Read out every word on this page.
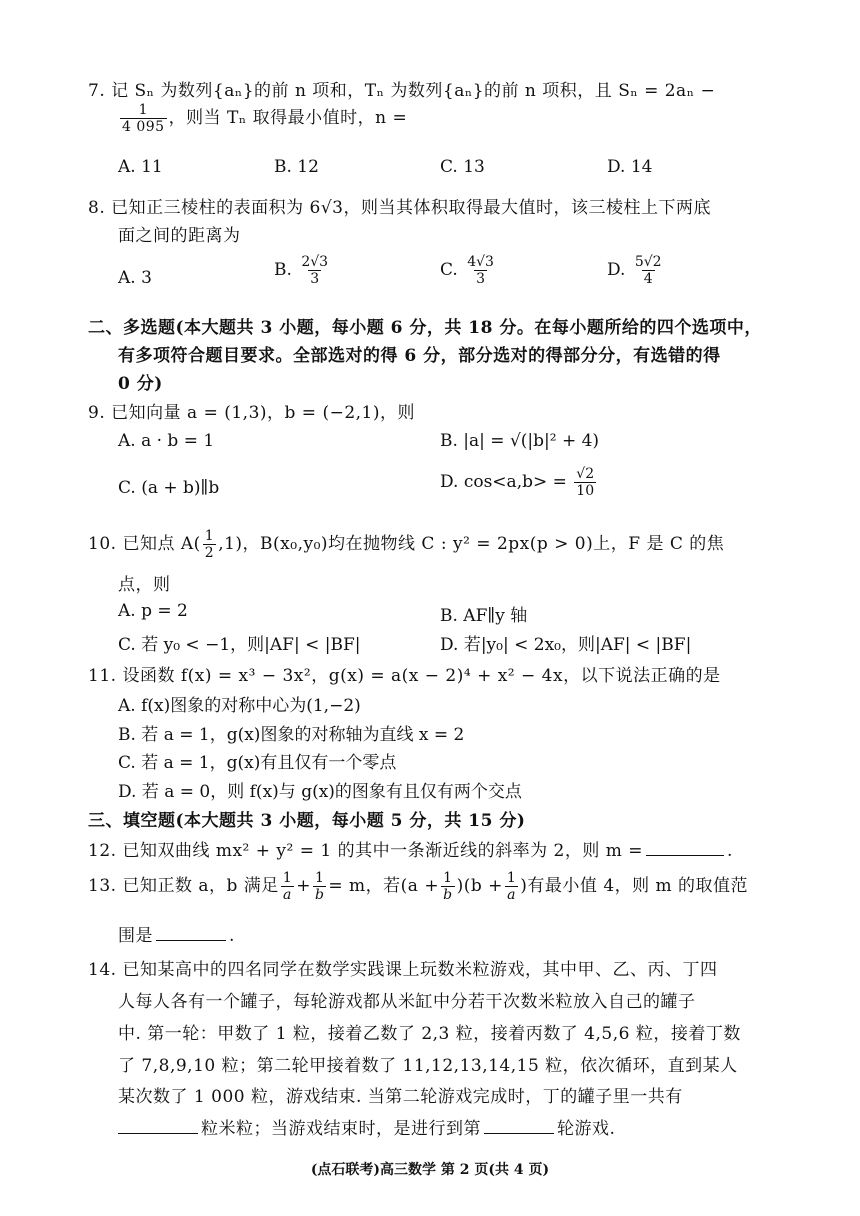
7. 记 Sₙ 为数列{aₙ}的前 n 项和，Tₙ 为数列{aₙ}的前 n 项积，且 Sₙ = 2aₙ −
$\frac{1}{4 095}$ ，则当 Tₙ 取得最小值时，n =
A. 11	B. 12	C. 13	D. 14
8. 已知正三棱柱的表面积为 6√3，则当其体积取得最大值时，该三棱柱上下两底
面之间的距离为
A. 3	B. $\frac{2√3}{3}$	C. $\frac{4√3}{3}$	D. $\frac{5√2}{4}$
二、多选题(本大题共 3 小题，每小题 6 分，共 18 分。在每小题所给的四个选项中，
有多项符合题目要求。全部选对的得 6 分，部分选对的得部分分，有选错的得
0 分)
9. 已知向量 a = (1,3)，b = (−2,1)，则
A. a · b = 1	B. |a| = √(|b|² + 4)
C. (a + b)∥b	D. $\cos<a,b> = \frac{√2}{10}$
10. 已知点 $A( \frac{1}{2} ,1)$，B(x₀,y₀)均在抛物线 C : y² = 2px(p > 0)上，F 是 C 的焦
点，则
A. p = 2	B. AF∥y 轴
C. 若 y₀ < −1，则|AF| < |BF|	D. 若|y₀| < 2x₀，则|AF| < |BF|
11. 设函数 f(x) = x³ − 3x²，g(x) = a(x − 2)⁴ + x² − 4x，以下说法正确的是
A. f(x)图象的对称中心为(1,−2)
B. 若 a = 1，g(x)图象的对称轴为直线 x = 2
C. 若 a = 1，g(x)有且仅有一个零点
D. 若 a = 0，则 f(x)与 g(x)的图象有且仅有两个交点
三、填空题(本大题共 3 小题，每小题 5 分，共 15 分)
12. 已知双曲线 mx² + y² = 1 的其中一条渐近线的斜率为 2，则 m =	.
13. 已知正数 a，b 满足 $\frac{1}{a} + \frac{1}{b} = m$，若$(a + \frac{1}{b} )(b + \frac{1}{a}$ )有最小值 4，则 m 的取值范
围是	.
14. 已知某高中的四名同学在数学实践课上玩数米粒游戏，其中甲、乙、丙、丁四
人每人各有一个罐子，每轮游戏都从米缸中分若干次数米粒放入自己的罐子
中. 第一轮：甲数了 1 粒，接着乙数了 2,3 粒，接着丙数了 4,5,6 粒，接着丁数
了 7,8,9,10 粒；第二轮甲接着数了 11,12,13,14,15 粒，依次循环，直到某人
某次数了 1 000 粒，游戏结束. 当第二轮游戏完成时，丁的罐子里一共有
粒米粒；当游戏结束时，是进行到第	轮游戏.
(点石联考)高三数学 第 2 页(共 4 页)
